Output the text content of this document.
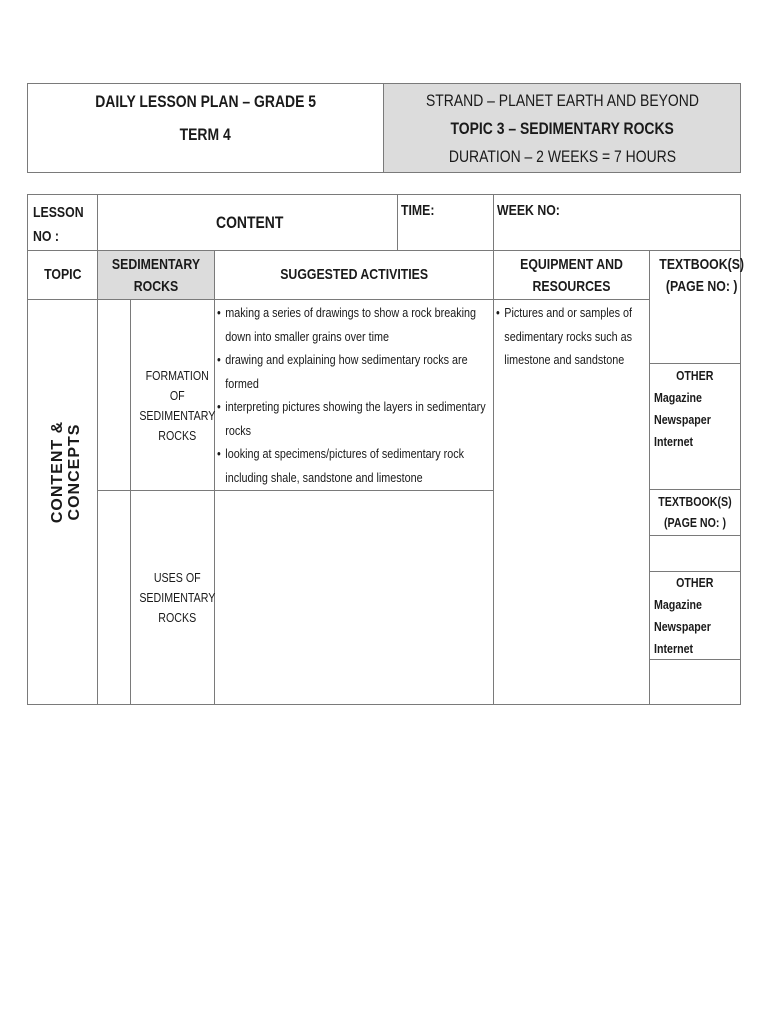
DAILY LESSON PLAN – GRADE 5
TERM 4
STRAND – PLANET EARTH AND BEYOND
TOPIC 3 – SEDIMENTARY ROCKS
DURATION – 2 WEEKS = 7 HOURS
LESSON NO :
CONTENT
TIME:	WEEK NO:
TOPIC
SEDIMENTARY ROCKS
SUGGESTED ACTIVITIES
EQUIPMENT AND RESOURCES
TEXTBOOK(S) (PAGE NO: )
CONTENT & CONCEPTS
FORMATION OF SEDIMENTARY ROCKS
USES OF SEDIMENTARY ROCKS
• making a series of drawings to show a rock breaking down into smaller grains over time
• drawing and explaining how sedimentary rocks are formed
• interpreting pictures showing the layers in sedimentary rocks
• looking at specimens/pictures of sedimentary rock including shale, sandstone and limestone
• Pictures and or samples of sedimentary rocks such as limestone and sandstone
OTHER
Magazine
Newspaper
Internet
TEXTBOOK(S) (PAGE NO: )
OTHER
Magazine
Newspaper
Internet
